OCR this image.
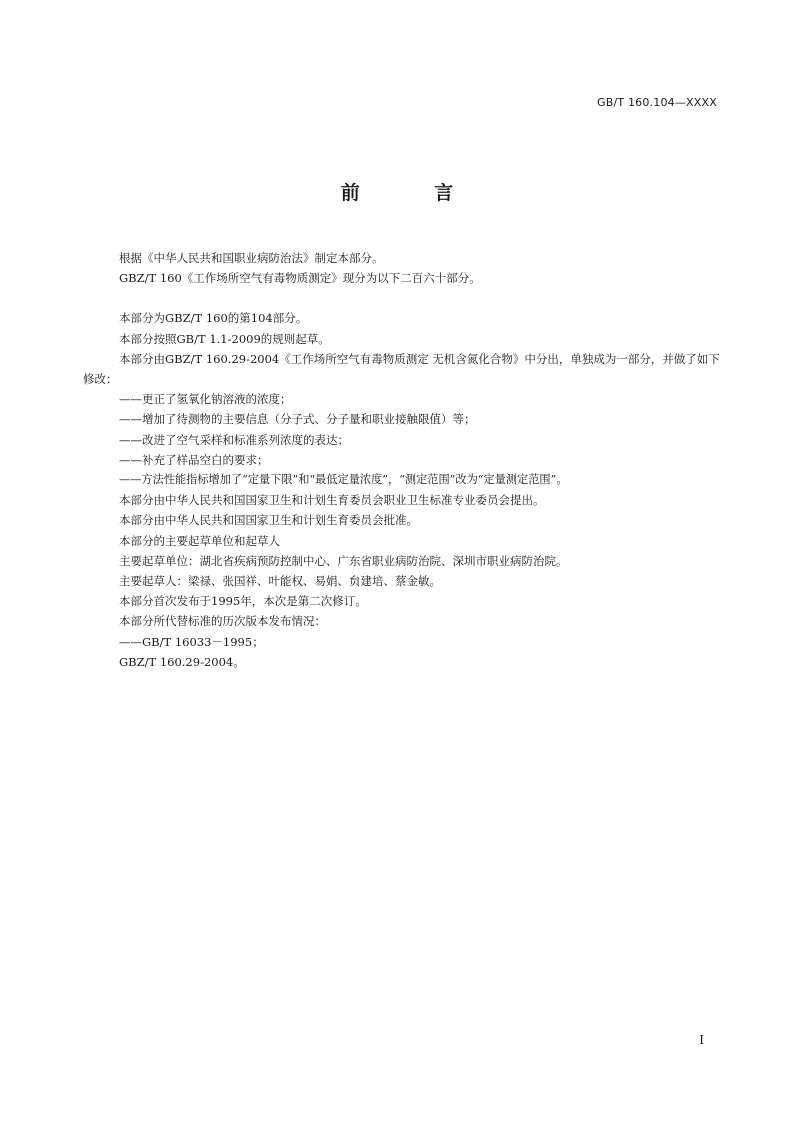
GB/T 160.104—XXXX
前 言

根据《中华人民共和国职业病防治法》制定本部分。

GBZ/T 160《工作场所空气有毒物质测定》现分为以下二百六十部分。

本部分为GBZ/T 160的第104部分。

本部分按照GB/T 1.1-2009的规则起草。

本部分由GBZ/T 160.29-2004《工作场所空气有毒物质测定 无机含氮化合物》中分出，单独成为一部分，并做了如下修改：

——更正了氢氧化钠溶液的浓度；

——增加了待测物的主要信息（分子式、分子量和职业接触限值）等；

——改进了空气采样和标准系列浓度的表达；

——补充了样品空白的要求；

——方法性能指标增加了“定量下限”和“最低定量浓度”，“测定范围”改为“定量测定范围”。

本部分由中华人民共和国国家卫生和计划生育委员会职业卫生标准专业委员会提出。

本部分由中华人民共和国国家卫生和计划生育委员会批准。

本部分的主要起草单位和起草人

主要起草单位：湖北省疾病预防控制中心、广东省职业病防治院、深圳市职业病防治院。

主要起草人：梁禄、张国祥、叶能权、易娟、贠建培、蔡金敏。

本部分首次发布于1995年，本次是第二次修订。

本部分所代替标准的历次版本发布情况：

——GB/T 16033－1995；

GBZ/T 160.29-2004。

I
